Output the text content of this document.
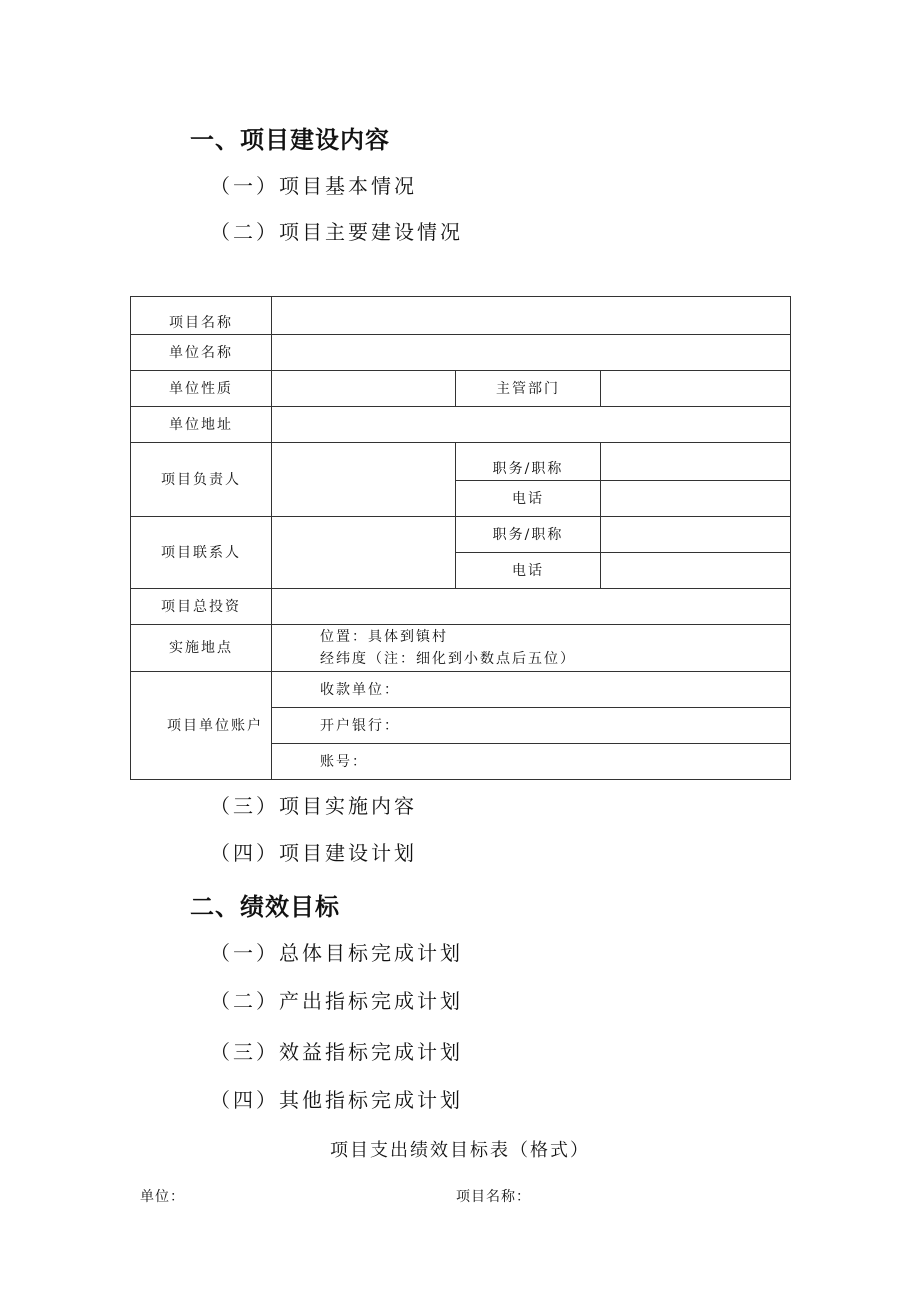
一、项目建设内容
（一）项目基本情况
（二）项目主要建设情况
项目名称			
单位名称			
单位性质		主管部门	
单位地址			
项目负责人		职务/职称	
		电话	
项目联系人		职务/职称	
		电话	
项目总投资			
实施地点	位置：具体到镇村
经纬度（注：细化到小数点后五位）		

项目单位账户	收款单位：		
	开户银行：		
	账号：		
（三）项目实施内容
（四）项目建设计划
二、绩效目标
（一）总体目标完成计划
（二）产出指标完成计划
（三）效益指标完成计划
（四）其他指标完成计划
项目支出绩效目标表（格式）
单位：	项目名称：
